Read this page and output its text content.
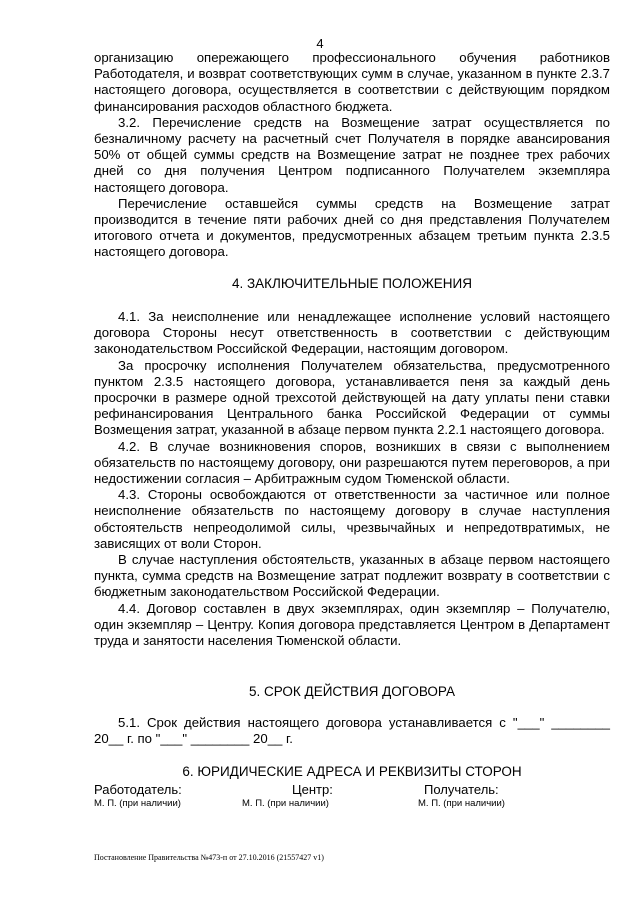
4

организацию опережающего профессионального обучения работников Работодателя, и возврат соответствующих сумм в случае, указанном в пункте 2.3.7 настоящего договора, осуществляется в соответствии с действующим порядком финансирования расходов областного бюджета.

3.2. Перечисление средств на Возмещение затрат осуществляется по безналичному расчету на расчетный счет Получателя в порядке авансирования 50% от общей суммы средств на Возмещение затрат не позднее трех рабочих дней со дня получения Центром подписанного Получателем экземпляра настоящего договора.

Перечисление оставшейся суммы средств на Возмещение затрат производится в течение пяти рабочих дней со дня представления Получателем итогового отчета и документов, предусмотренных абзацем третьим пункта 2.3.5 настоящего договора.

4. ЗАКЛЮЧИТЕЛЬНЫЕ ПОЛОЖЕНИЯ

4.1. За неисполнение или ненадлежащее исполнение условий настоящего договора Стороны несут ответственность в соответствии с действующим законодательством Российской Федерации, настоящим договором.

За просрочку исполнения Получателем обязательства, предусмотренного пунктом 2.3.5 настоящего договора, устанавливается пеня за каждый день просрочки в размере одной трехсотой действующей на дату уплаты пени ставки рефинансирования Центрального банка Российской Федерации от суммы Возмещения затрат, указанной в абзаце первом пункта 2.2.1 настоящего договора.

4.2. В случае возникновения споров, возникших в связи с выполнением обязательств по настоящему договору, они разрешаются путем переговоров, а при недостижении согласия – Арбитражным судом Тюменской области.

4.3. Стороны освобождаются от ответственности за частичное или полное неисполнение обязательств по настоящему договору в случае наступления обстоятельств непреодолимой силы, чрезвычайных и непредотвратимых, не зависящих от воли Сторон.

В случае наступления обстоятельств, указанных в абзаце первом настоящего пункта, сумма средств на Возмещение затрат подлежит возврату в соответствии с бюджетным законодательством Российской Федерации.

4.4. Договор составлен в двух экземплярах, один экземпляр – Получателю, один экземпляр – Центру. Копия договора представляется Центром в Департамент труда и занятости населения Тюменской области.

5. СРОК ДЕЙСТВИЯ ДОГОВОРА

5.1. Срок действия настоящего договора устанавливается с "___" ________ 20__ г. по "___" ________ 20__ г.

6. ЮРИДИЧЕСКИЕ АДРЕСА И РЕКВИЗИТЫ СТОРОН

Работодатель:	Центр:	Получатель:
М. П. (при наличии)	М. П. (при наличии)	М. П. (при наличии)
Постановление Правительства №473-п от 27.10.2016 (21557427 v1)
